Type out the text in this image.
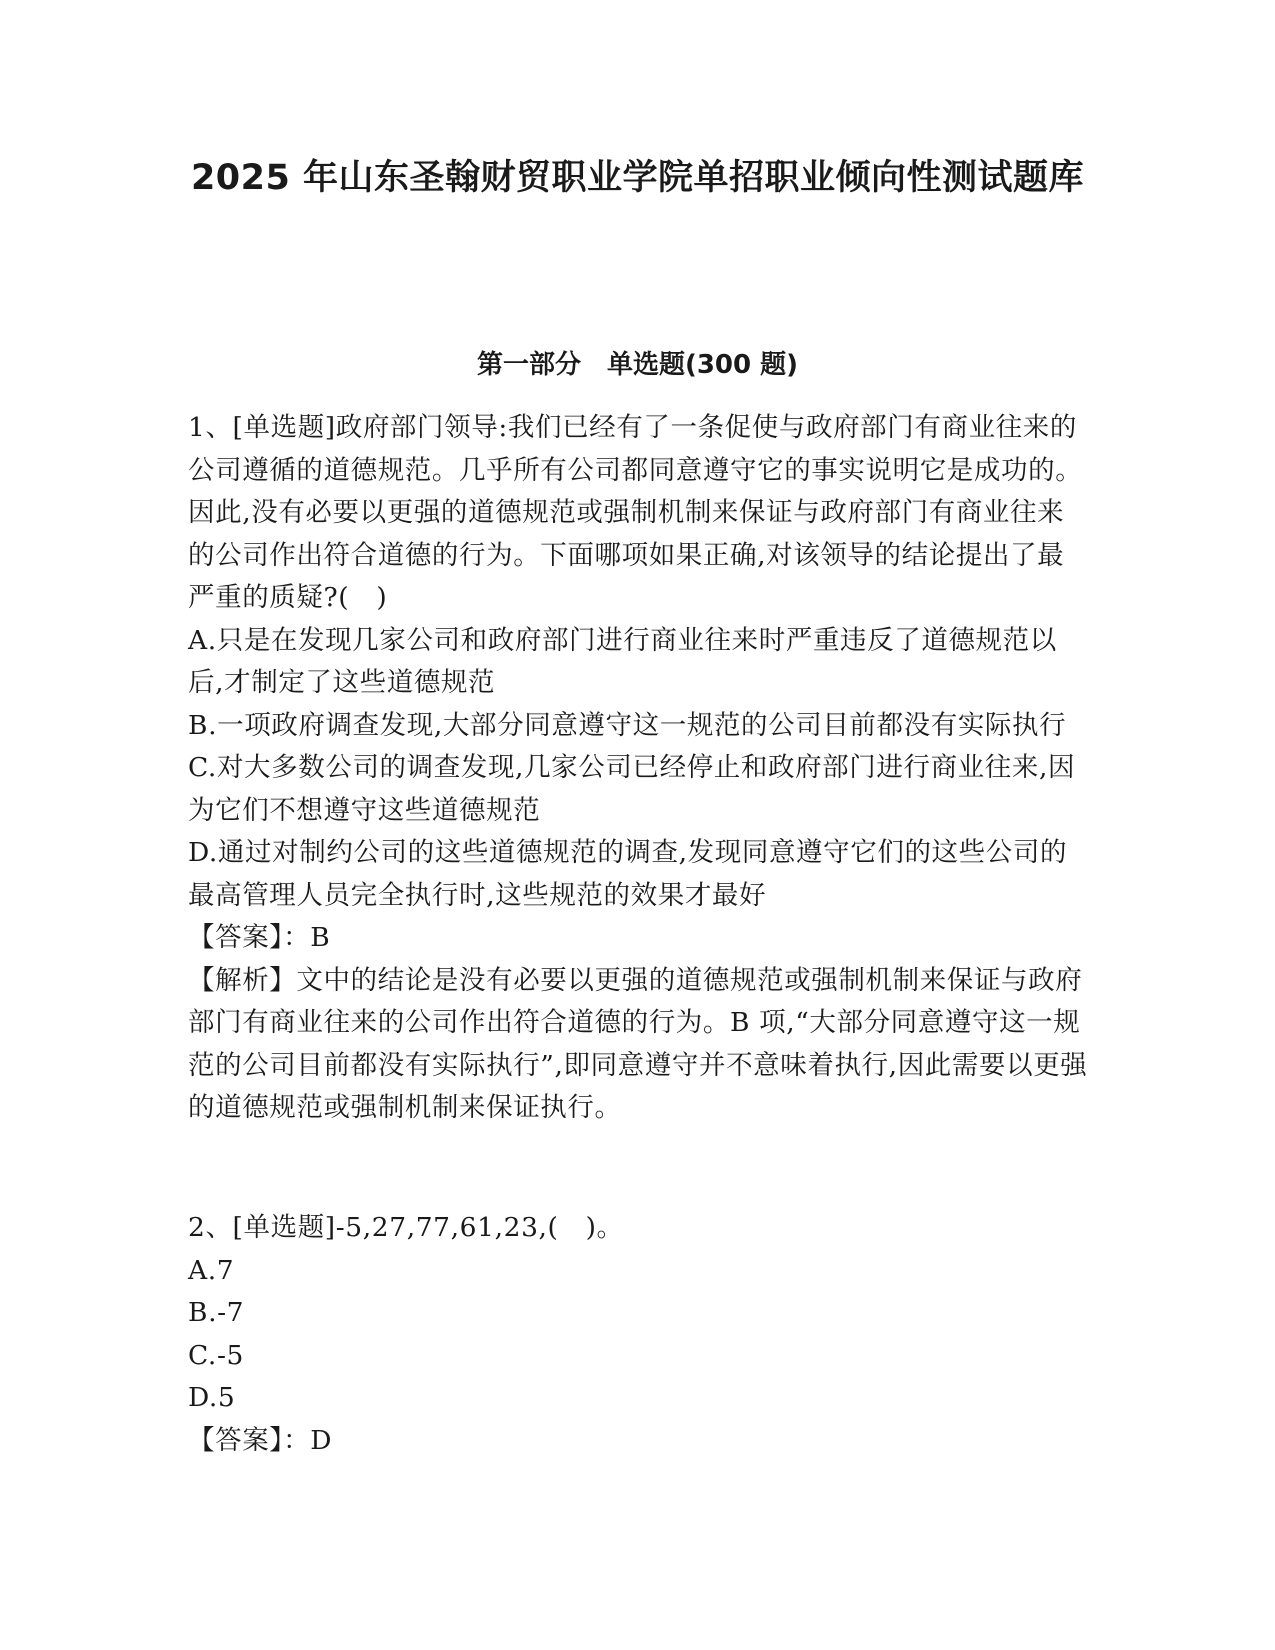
2025 年山东圣翰财贸职业学院单招职业倾向性测试题库
第一部分　单选题(300 题)

1、[单选题]政府部门领导:我们已经有了一条促使与政府部门有商业往来的公司遵循的道德规范。几乎所有公司都同意遵守它的事实说明它是成功的。因此,没有必要以更强的道德规范或强制机制来保证与政府部门有商业往来的公司作出符合道德的行为。下面哪项如果正确,对该领导的结论提出了最严重的质疑?(　)

A.只是在发现几家公司和政府部门进行商业往来时严重违反了道德规范以后,才制定了这些道德规范

B.一项政府调查发现,大部分同意遵守这一规范的公司目前都没有实际执行

C.对大多数公司的调查发现,几家公司已经停止和政府部门进行商业往来,因为它们不想遵守这些道德规范

D.通过对制约公司的这些道德规范的调查,发现同意遵守它们的这些公司的最高管理人员完全执行时,这些规范的效果才最好

【答案】：B

【解析】文中的结论是没有必要以更强的道德规范或强制机制来保证与政府部门有商业往来的公司作出符合道德的行为。B 项,“大部分同意遵守这一规范的公司目前都没有实际执行”,即同意遵守并不意味着执行,因此需要以更强的道德规范或强制机制来保证执行。

2、[单选题]-5,27,77,61,23,(　)。

A.7

B.-7

C.-5

D.5

【答案】：D
